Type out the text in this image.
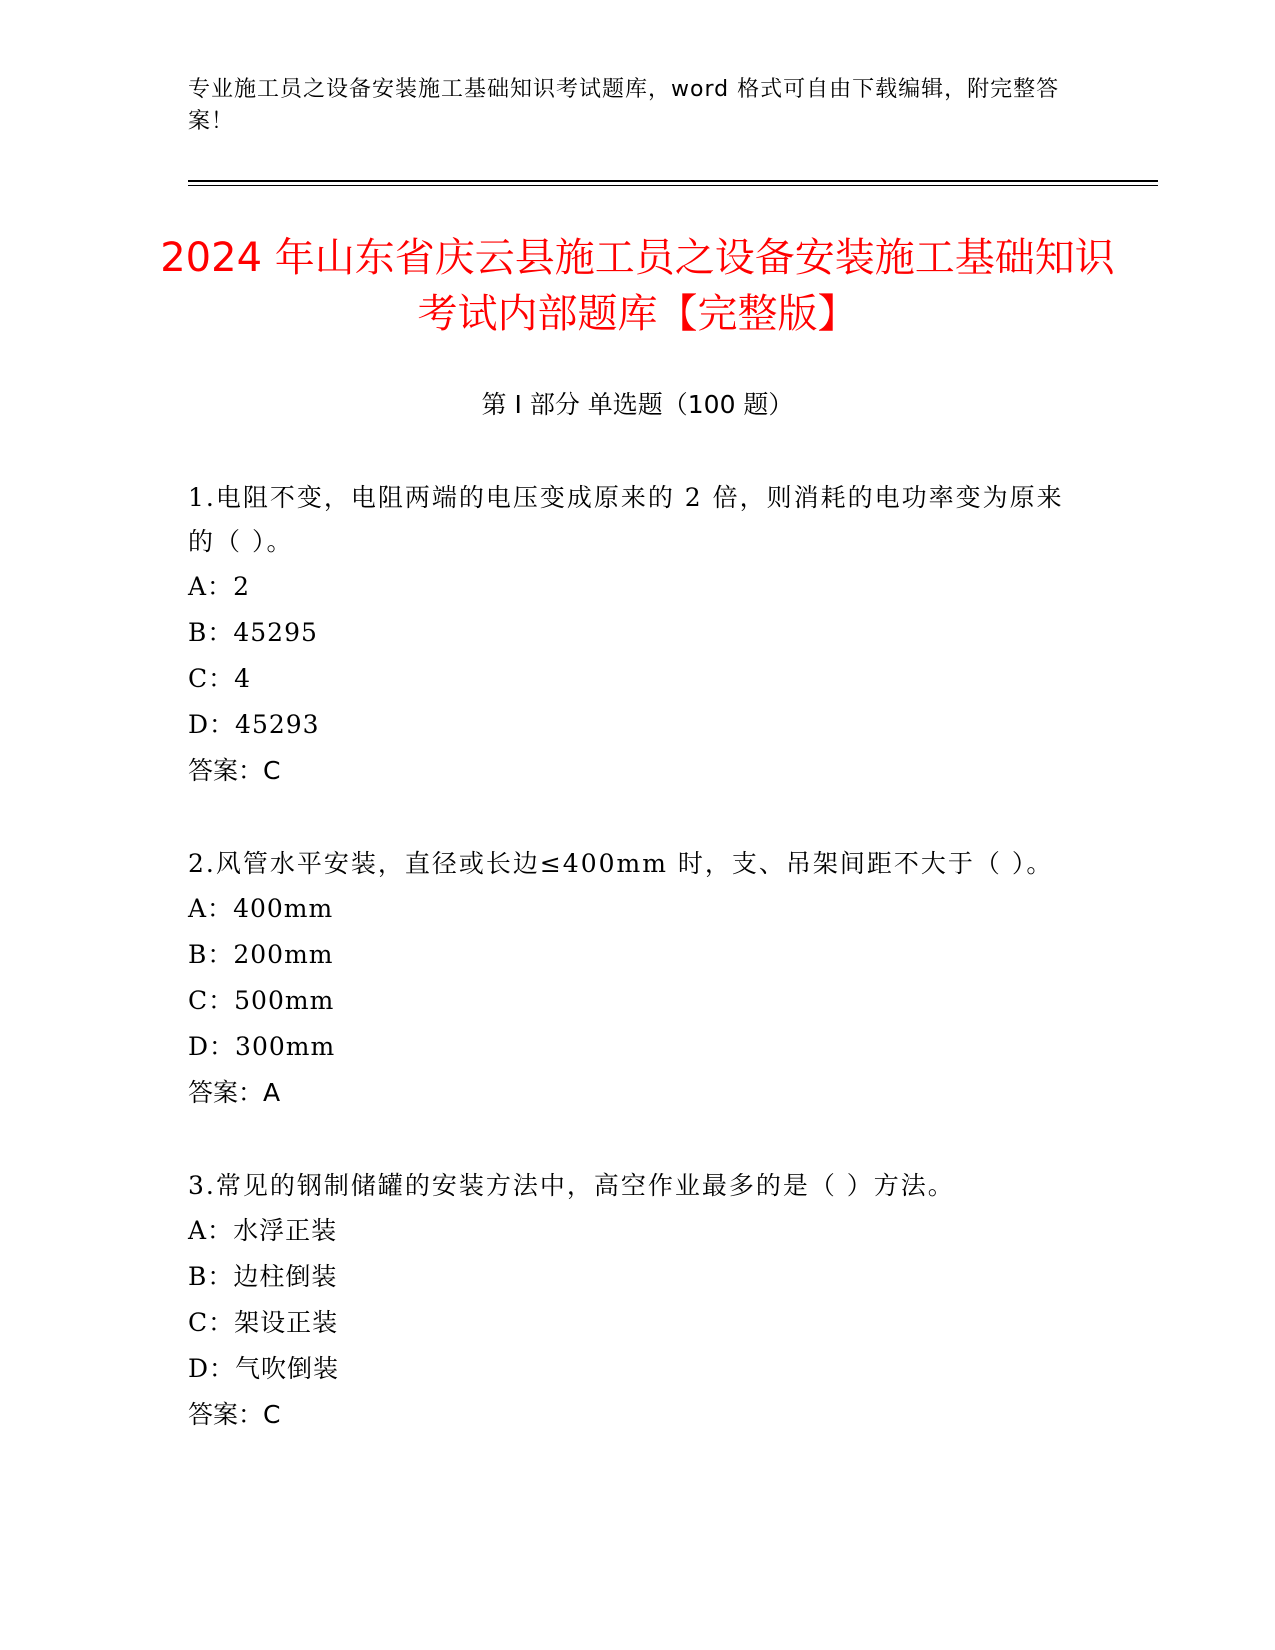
专业施工员之设备安装施工基础知识考试题库，word 格式可自由下载编辑，附完整答案！
2024 年山东省庆云县施工员之设备安装施工基础知识考试内部题库【完整版】
第 I 部分 单选题（100 题）

1.电阻不变，电阻两端的电压变成原来的 2 倍，则消耗的电功率变为原来的（ ）。

A：2

B：45295

C：4

D：45293

答案：C

2.风管水平安装，直径或长边≤400mm 时，支、吊架间距不大于（ ）。

A：400mm

B：200mm

C：500mm

D：300mm

答案：A

3.常见的钢制储罐的安装方法中，高空作业最多的是（ ）方法。

A：水浮正装

B：边柱倒装

C：架设正装

D：气吹倒装

答案：C
